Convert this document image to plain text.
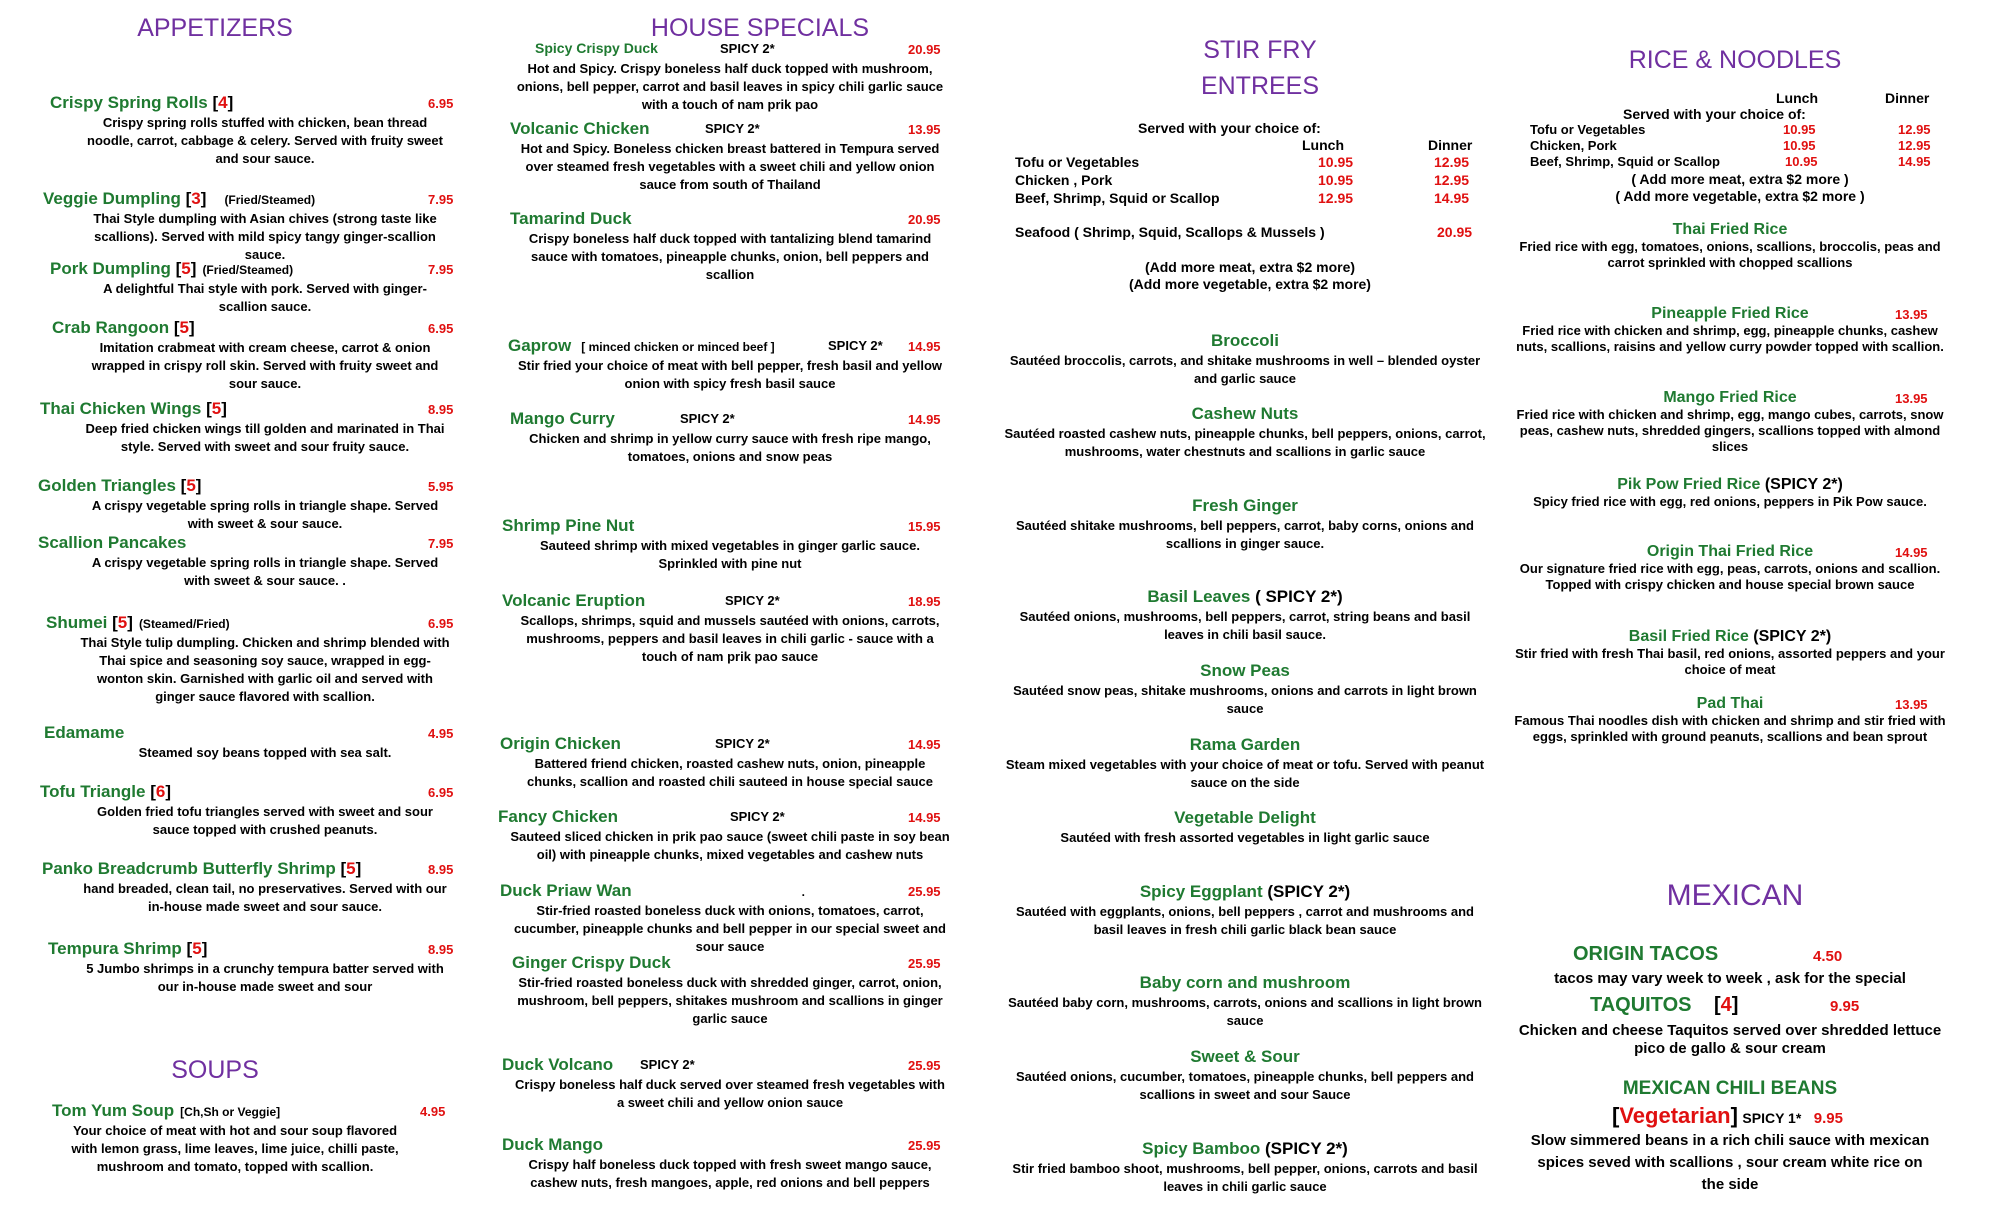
APPETIZERS
Crispy Spring Rolls [4]	6.95
Crispy spring rolls stuffed with chicken, bean thread noodle, carrot, cabbage & celery. Served with fruity sweet and sour sauce.
Veggie Dumpling [3] (Fried/Steamed)	7.95
Thai Style dumpling with Asian chives (strong taste like scallions). Served with mild spicy tangy ginger-scallion sauce.
Pork Dumpling [5] (Fried/Steamed)	7.95
A delightful Thai style with pork. Served with ginger-scallion sauce.
Crab Rangoon [5]	6.95
Imitation crabmeat with cream cheese, carrot & onion wrapped in crispy roll skin. Served with fruity sweet and sour sauce.
Thai Chicken Wings [5]	8.95
Deep fried chicken wings till golden and marinated in Thai style. Served with sweet and sour fruity sauce.
Golden Triangles [5]	5.95
A crispy vegetable spring rolls in triangle shape. Served with sweet & sour sauce.
Scallion Pancakes	7.95
A crispy vegetable spring rolls in triangle shape. Served with sweet & sour sauce. .
Shumei [5] (Steamed/Fried)	6.95
Thai Style tulip dumpling. Chicken and shrimp blended with Thai spice and seasoning soy sauce, wrapped in egg-wonton skin. Garnished with garlic oil and served with ginger sauce flavored with scallion.
Edamame	4.95
Steamed soy beans topped with sea salt.
Tofu Triangle [6]	6.95
Golden fried tofu triangles served with sweet and sour sauce topped with crushed peanuts.
Panko Breadcrumb Butterfly Shrimp [5]	8.95
hand breaded, clean tail, no preservatives. Served with our in-house made sweet and sour sauce.
Tempura Shrimp [5]	8.95
5 Jumbo shrimps in a crunchy tempura batter served with our in-house made sweet and sour
SOUPS
Tom Yum Soup [Ch,Sh or Veggie]	4.95
Your choice of meat with hot and sour soup flavored with lemon grass, lime leaves, lime juice, chilli paste, mushroom and tomato, topped with scallion.
HOUSE SPECIALS
Spicy Crispy Duck	SPICY 2*	20.95
Hot and Spicy. Crispy boneless half duck topped with mushroom, onions, bell pepper, carrot and basil leaves in spicy chili garlic sauce with a touch of nam prik pao
Volcanic Chicken	SPICY 2*	13.95
Hot and Spicy. Boneless chicken breast battered in Tempura served over steamed fresh vegetables with a sweet chili and yellow onion sauce from south of Thailand
Tamarind Duck	20.95
Crispy boneless half duck topped with tantalizing blend tamarind sauce with tomatoes, pineapple chunks, onion, bell peppers and scallion
Gaprow [ minced chicken or minced beef ]	SPICY 2* 14.95
Stir fried your choice of meat with bell pepper, fresh basil and yellow onion with spicy fresh basil sauce
Mango Curry	SPICY 2*	14.95
Chicken and shrimp in yellow curry sauce with fresh ripe mango, tomatoes, onions and snow peas
Shrimp Pine Nut	15.95
Sauteed shrimp with mixed vegetables in ginger garlic sauce. Sprinkled with pine nut
Volcanic Eruption	SPICY 2*	18.95
Scallops, shrimps, squid and mussels sautéed with onions, carrots, mushrooms, peppers and basil leaves in chili garlic - sauce with a touch of nam prik pao sauce
Origin Chicken	SPICY 2*	14.95
Battered friend chicken, roasted cashew nuts, onion, pineapple chunks, scallion and roasted chili sauteed in house special sauce
Fancy Chicken	SPICY 2*	14.95
Sauteed sliced chicken in prik pao sauce (sweet chili paste in soy bean oil) with pineapple chunks, mixed vegetables and cashew nuts
Duck Priaw Wan	.	25.95
Stir-fried roasted boneless duck with onions, tomatoes, carrot, cucumber, pineapple chunks and bell pepper in our special sweet and sour sauce
Ginger Crispy Duck	25.95
Stir-fried roasted boneless duck with shredded ginger, carrot, onion, mushroom, bell peppers, shitakes mushroom and scallions in ginger garlic sauce
Duck Volcano SPICY 2*	25.95
Crispy boneless half duck served over steamed fresh vegetables with a sweet chili and yellow onion sauce
Duck Mango	25.95
Crispy half boneless duck topped with fresh sweet mango sauce, cashew nuts, fresh mangoes, apple, red onions and bell peppers
STIR FRY
ENTREES
Served with your choice of:
Lunch	Dinner
Tofu or Vegetables	10.95	12.95
Chicken , Pork	10.95	12.95
Beef, Shrimp, Squid or Scallop	12.95	14.95
Seafood ( Shrimp, Squid, Scallops & Mussels )	20.95
(Add more meat, extra $2 more)
(Add more vegetable, extra $2 more)
Broccoli
Sautéed broccolis, carrots, and shitake mushrooms in well – blended oyster and garlic sauce
Cashew Nuts
Sautéed roasted cashew nuts, pineapple chunks, bell peppers, onions, carrot, mushrooms, water chestnuts and scallions in garlic sauce
Fresh Ginger
Sautéed shitake mushrooms, bell peppers, carrot, baby corns, onions and scallions in ginger sauce.
Basil Leaves ( SPICY 2*)
Sautéed onions, mushrooms, bell peppers, carrot, string beans and basil leaves in chili basil sauce.
Snow Peas
Sautéed snow peas, shitake mushrooms, onions and carrots in light brown sauce
Rama Garden
Steam mixed vegetables with your choice of meat or tofu. Served with peanut sauce on the side
Vegetable Delight
Sautéed with fresh assorted vegetables in light garlic sauce
Spicy Eggplant (SPICY 2*)
Sautéed with eggplants, onions, bell peppers , carrot and mushrooms and basil leaves in fresh chili garlic black bean sauce
Baby corn and mushroom
Sautéed baby corn, mushrooms, carrots, onions and scallions in light brown sauce
Sweet & Sour
Sautéed onions, cucumber, tomatoes, pineapple chunks, bell peppers and scallions in sweet and sour Sauce
Spicy Bamboo (SPICY 2*)
Stir fried bamboo shoot, mushrooms, bell pepper, onions, carrots and basil leaves in chili garlic sauce
RICE & NOODLES
Lunch	Dinner
Served with your choice of:
Tofu or Vegetables	10.95	12.95
Chicken, Pork	10.95	12.95
Beef, Shrimp, Squid or Scallop	10.95	14.95
( Add more meat, extra $2 more )
( Add more vegetable, extra $2 more )
Thai Fried Rice
Fried rice with egg, tomatoes, onions, scallions, broccolis, peas and carrot sprinkled with chopped scallions
Pineapple Fried Rice	13.95
Fried rice with chicken and shrimp, egg, pineapple chunks, cashew nuts, scallions, raisins and yellow curry powder topped with scallion.
Mango Fried Rice	13.95
Fried rice with chicken and shrimp, egg, mango cubes, carrots, snow peas, cashew nuts, shredded gingers, scallions topped with almond slices
Pik Pow Fried Rice (SPICY 2*)
Spicy fried rice with egg, red onions, peppers in Pik Pow sauce.
Origin Thai Fried Rice	14.95
Our signature fried rice with egg, peas, carrots, onions and scallion. Topped with crispy chicken and house special brown sauce
Basil Fried Rice (SPICY 2*)
Stir fried with fresh Thai basil, red onions, assorted peppers and your choice of meat
Pad Thai	13.95
Famous Thai noodles dish with chicken and shrimp and stir fried with eggs, sprinkled with ground peanuts, scallions and bean sprout
MEXICAN
ORIGIN TACOS	4.50
tacos may vary week to week , ask for the special
TAQUITOS [4]	9.95
Chicken and cheese Taquitos served over shredded lettuce
pico de gallo & sour cream
MEXICAN CHILI BEANS
[Vegetarian] SPICY 1* 9.95
Slow simmered beans in a rich chili sauce with mexican spices seved with scallions , sour cream white rice on the side
